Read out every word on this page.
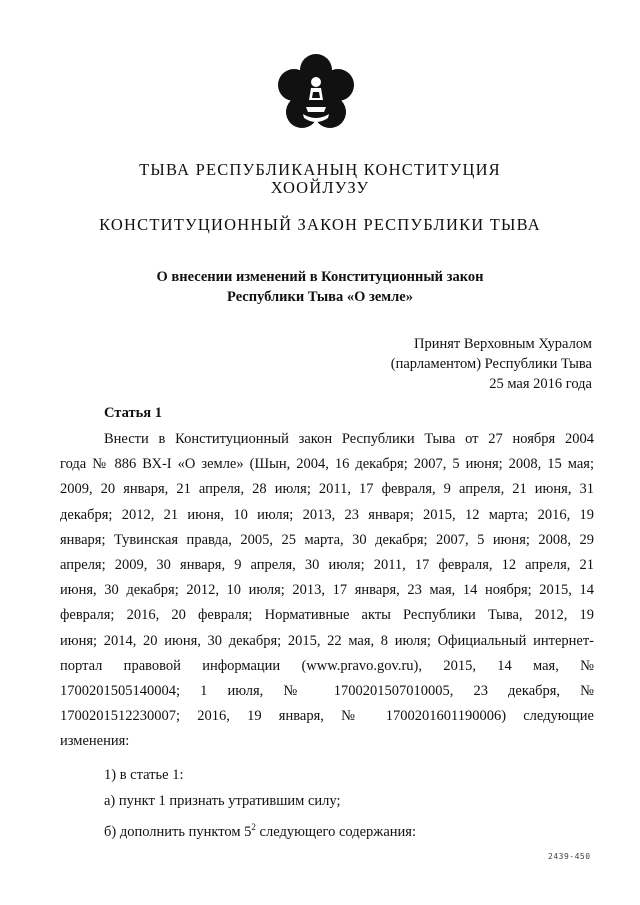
ТЫВА РЕСПУБЛИКАНЫҢ КОНСТИТУЦИЯ
ХООЙЛУЗУ
КОНСТИТУЦИОННЫЙ ЗАКОН РЕСПУБЛИКИ ТЫВА
О внесении изменений в Конституционный закон
Республики Тыва «О земле»
Принят Верховным Хуралом
(парламентом) Республики Тыва
25 мая 2016 года
Статья 1
Внести в Конституционный закон Республики Тыва от 27 ноября 2004
года № 886 ВХ-I «О земле» (Шын, 2004, 16 декабря; 2007, 5 июня; 2008, 15 мая;
2009, 20 января, 21 апреля, 28 июля; 2011, 17 февраля, 9 апреля, 21 июня, 31
декабря; 2012, 21 июня, 10 июля; 2013, 23 января; 2015, 12 марта; 2016, 19
января; Тувинская правда, 2005, 25 марта, 30 декабря; 2007, 5 июня; 2008, 29
апреля; 2009, 30 января, 9 апреля, 30 июля; 2011, 17 февраля, 12 апреля, 21
июня, 30 декабря; 2012, 10 июля; 2013, 17 января, 23 мая, 14 ноября; 2015, 14
февраля; 2016, 20 февраля; Нормативные акты Республики Тыва, 2012, 19
июня; 2014, 20 июня, 30 декабря; 2015, 22 мая, 8 июля; Официальный интернет-
портал правовой информации (www.pravo.gov.ru), 2015, 14 мая, №
1700201505140004; 1 июля, № 1700201507010005, 23 декабря, №
1700201512230007; 2016, 19 января, № 1700201601190006) следующие
изменения:
1) в статье 1:
а) пункт 1 признать утратившим силу;
б) дополнить пунктом $5^2$ следующего содержания:
2439-450
